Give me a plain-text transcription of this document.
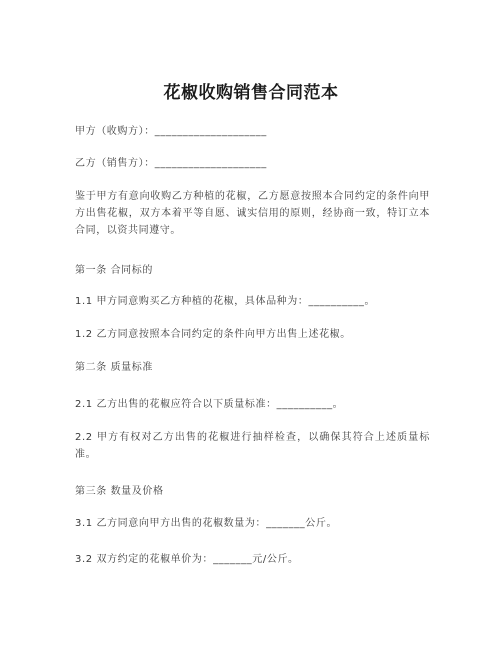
花椒收购销售合同范本
甲方（收购方）：____________________
乙方（销售方）：____________________
鉴于甲方有意向收购乙方种植的花椒，乙方愿意按照本合同约定的条件向甲方出售花椒，双方本着平等自愿、诚实信用的原则，经协商一致，特订立本合同，以资共同遵守。
第一条 合同标的
1.1 甲方同意购买乙方种植的花椒，具体品种为：__________。
1.2 乙方同意按照本合同约定的条件向甲方出售上述花椒。
第二条 质量标准
2.1 乙方出售的花椒应符合以下质量标准：__________。
2.2 甲方有权对乙方出售的花椒进行抽样检查，以确保其符合上述质量标准。
第三条 数量及价格
3.1 乙方同意向甲方出售的花椒数量为：_______公斤。
3.2 双方约定的花椒单价为：_______元/公斤。
